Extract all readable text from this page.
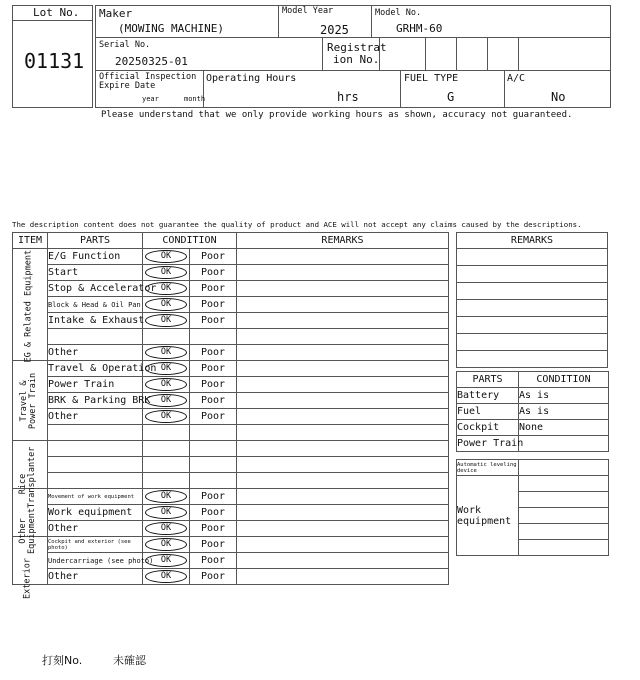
Lot No.
01131
Maker
(MOWING MACHINE)
Model Year
2025
Model No.
GRHM-60
Serial No.
20250325-01
Registrat
ion No.
Official Inspection
Expire Date
year	month
Operating Hours
hrs
FUEL TYPE
G
A/C
No
Please understand that we only provide working hours as shown, accuracy not guaranteed.
The description content does not guarantee the quality of product and ACE will not accept any claims caused by the descriptions.
ITEM	PARTS	CONDITION		REMARKS
	E/G Function	OK	Poor	
	Start	OK	Poor	
	Stop & Accelerator	OK	Poor	
	Block & Head & Oil Pan	OK	Poor	
	Intake & Exhaust	OK	Poor	

	Other	OK	Poor	
	Travel & Operation	OK	Poor	
	Power Train	OK	Poor	
	BRK & Parking BRK	OK	Poor	
	Other	OK	Poor	

	Movement of work equipment	OK	Poor	
	Work equipment	OK	Poor	
	Other	OK	Poor	
	Cockpit and exterior (see photo)	OK	Poor	
	Undercarriage (see photo)	OK	Poor	
	Other	OK	Poor	
EG & Related Equipment
Travel & Power Train
Rice Transplanter
Other Equipment
Exterior
REMARKS

PARTS	CONDITION
Battery	As is
Fuel	As is
Cockpit	None
Power Train	
Automatic leveling device	
Work equipment	

打刻No.	未確認
